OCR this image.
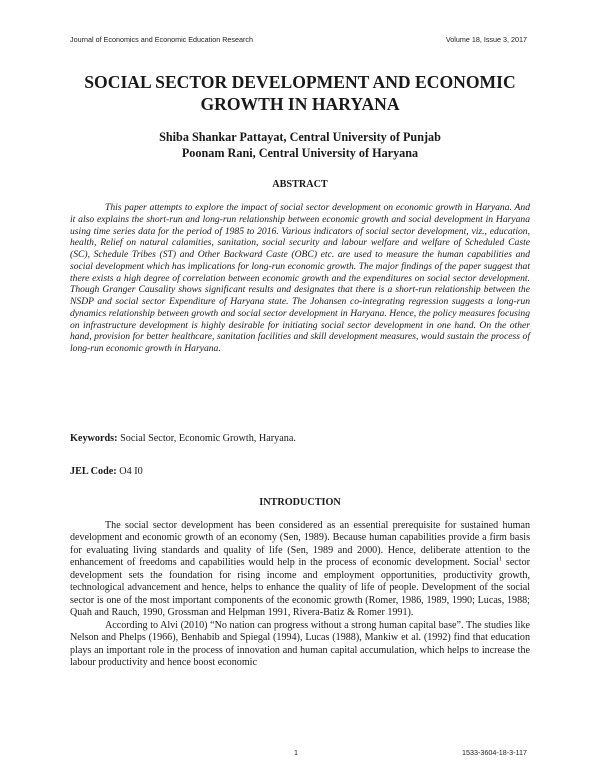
Journal of Economics and Economic Education Research	Volume 18, Issue 3, 2017
SOCIAL SECTOR DEVELOPMENT AND ECONOMIC
GROWTH IN HARYANA
Shiba Shankar Pattayat, Central University of Punjab
Poonam Rani, Central University of Haryana
ABSTRACT

This paper attempts to explore the impact of social sector development on economic growth in Haryana. And it also explains the short-run and long-run relationship between economic growth and social development in Haryana using time series data for the period of 1985 to 2016. Various indicators of social sector development, viz., education, health, Relief on natural calamities, sanitation, social security and labour welfare and welfare of Scheduled Caste (SC), Schedule Tribes (ST) and Other Backward Caste (OBC) etc. are used to measure the human capabilities and social development which has implications for long-run economic growth. The major findings of the paper suggest that there exists a high degree of correlation between economic growth and the expenditures on social sector development. Though Granger Causality shows significant results and designates that there is a short-run relationship between the NSDP and social sector Expenditure of Haryana state. The Johansen co-integrating regression suggests a long-run dynamics relationship between growth and social sector development in Haryana. Hence, the policy measures focusing on infrastructure development is highly desirable for initiating social sector development in one hand. On the other hand, provision for better healthcare, sanitation facilities and skill development measures, would sustain the process of long-run economic growth in Haryana.

Keywords: Social Sector, Economic Growth, Haryana.

JEL Code: O4 I0

INTRODUCTION

The social sector development has been considered as an essential prerequisite for sustained human development and economic growth of an economy (Sen, 1989). Because human capabilities provide a firm basis for evaluating living standards and quality of life (Sen, 1989 and 2000). Hence, deliberate attention to the enhancement of freedoms and capabilities would help in the process of economic development. Social$^1$ sector development sets the foundation for rising income and employment opportunities, productivity growth, technological advancement and hence, helps to enhance the quality of life of people. Development of the social sector is one of the most important components of the economic growth (Romer, 1986, 1989, 1990; Lucas, 1988; Quah and Rauch, 1990, Grossman and Helpman 1991, Rivera-Batiz & Romer 1991).

According to Alvi (2010) “No nation can progress without a strong human capital base”. The studies like Nelson and Phelps (1966), Benhabib and Spiegal (1994), Lucas (1988), Mankiw et al. (1992) find that education plays an important role in the process of innovation and human capital accumulation, which helps to increase the labour productivity and hence boost economic

1	1533-3604-18-3-117
